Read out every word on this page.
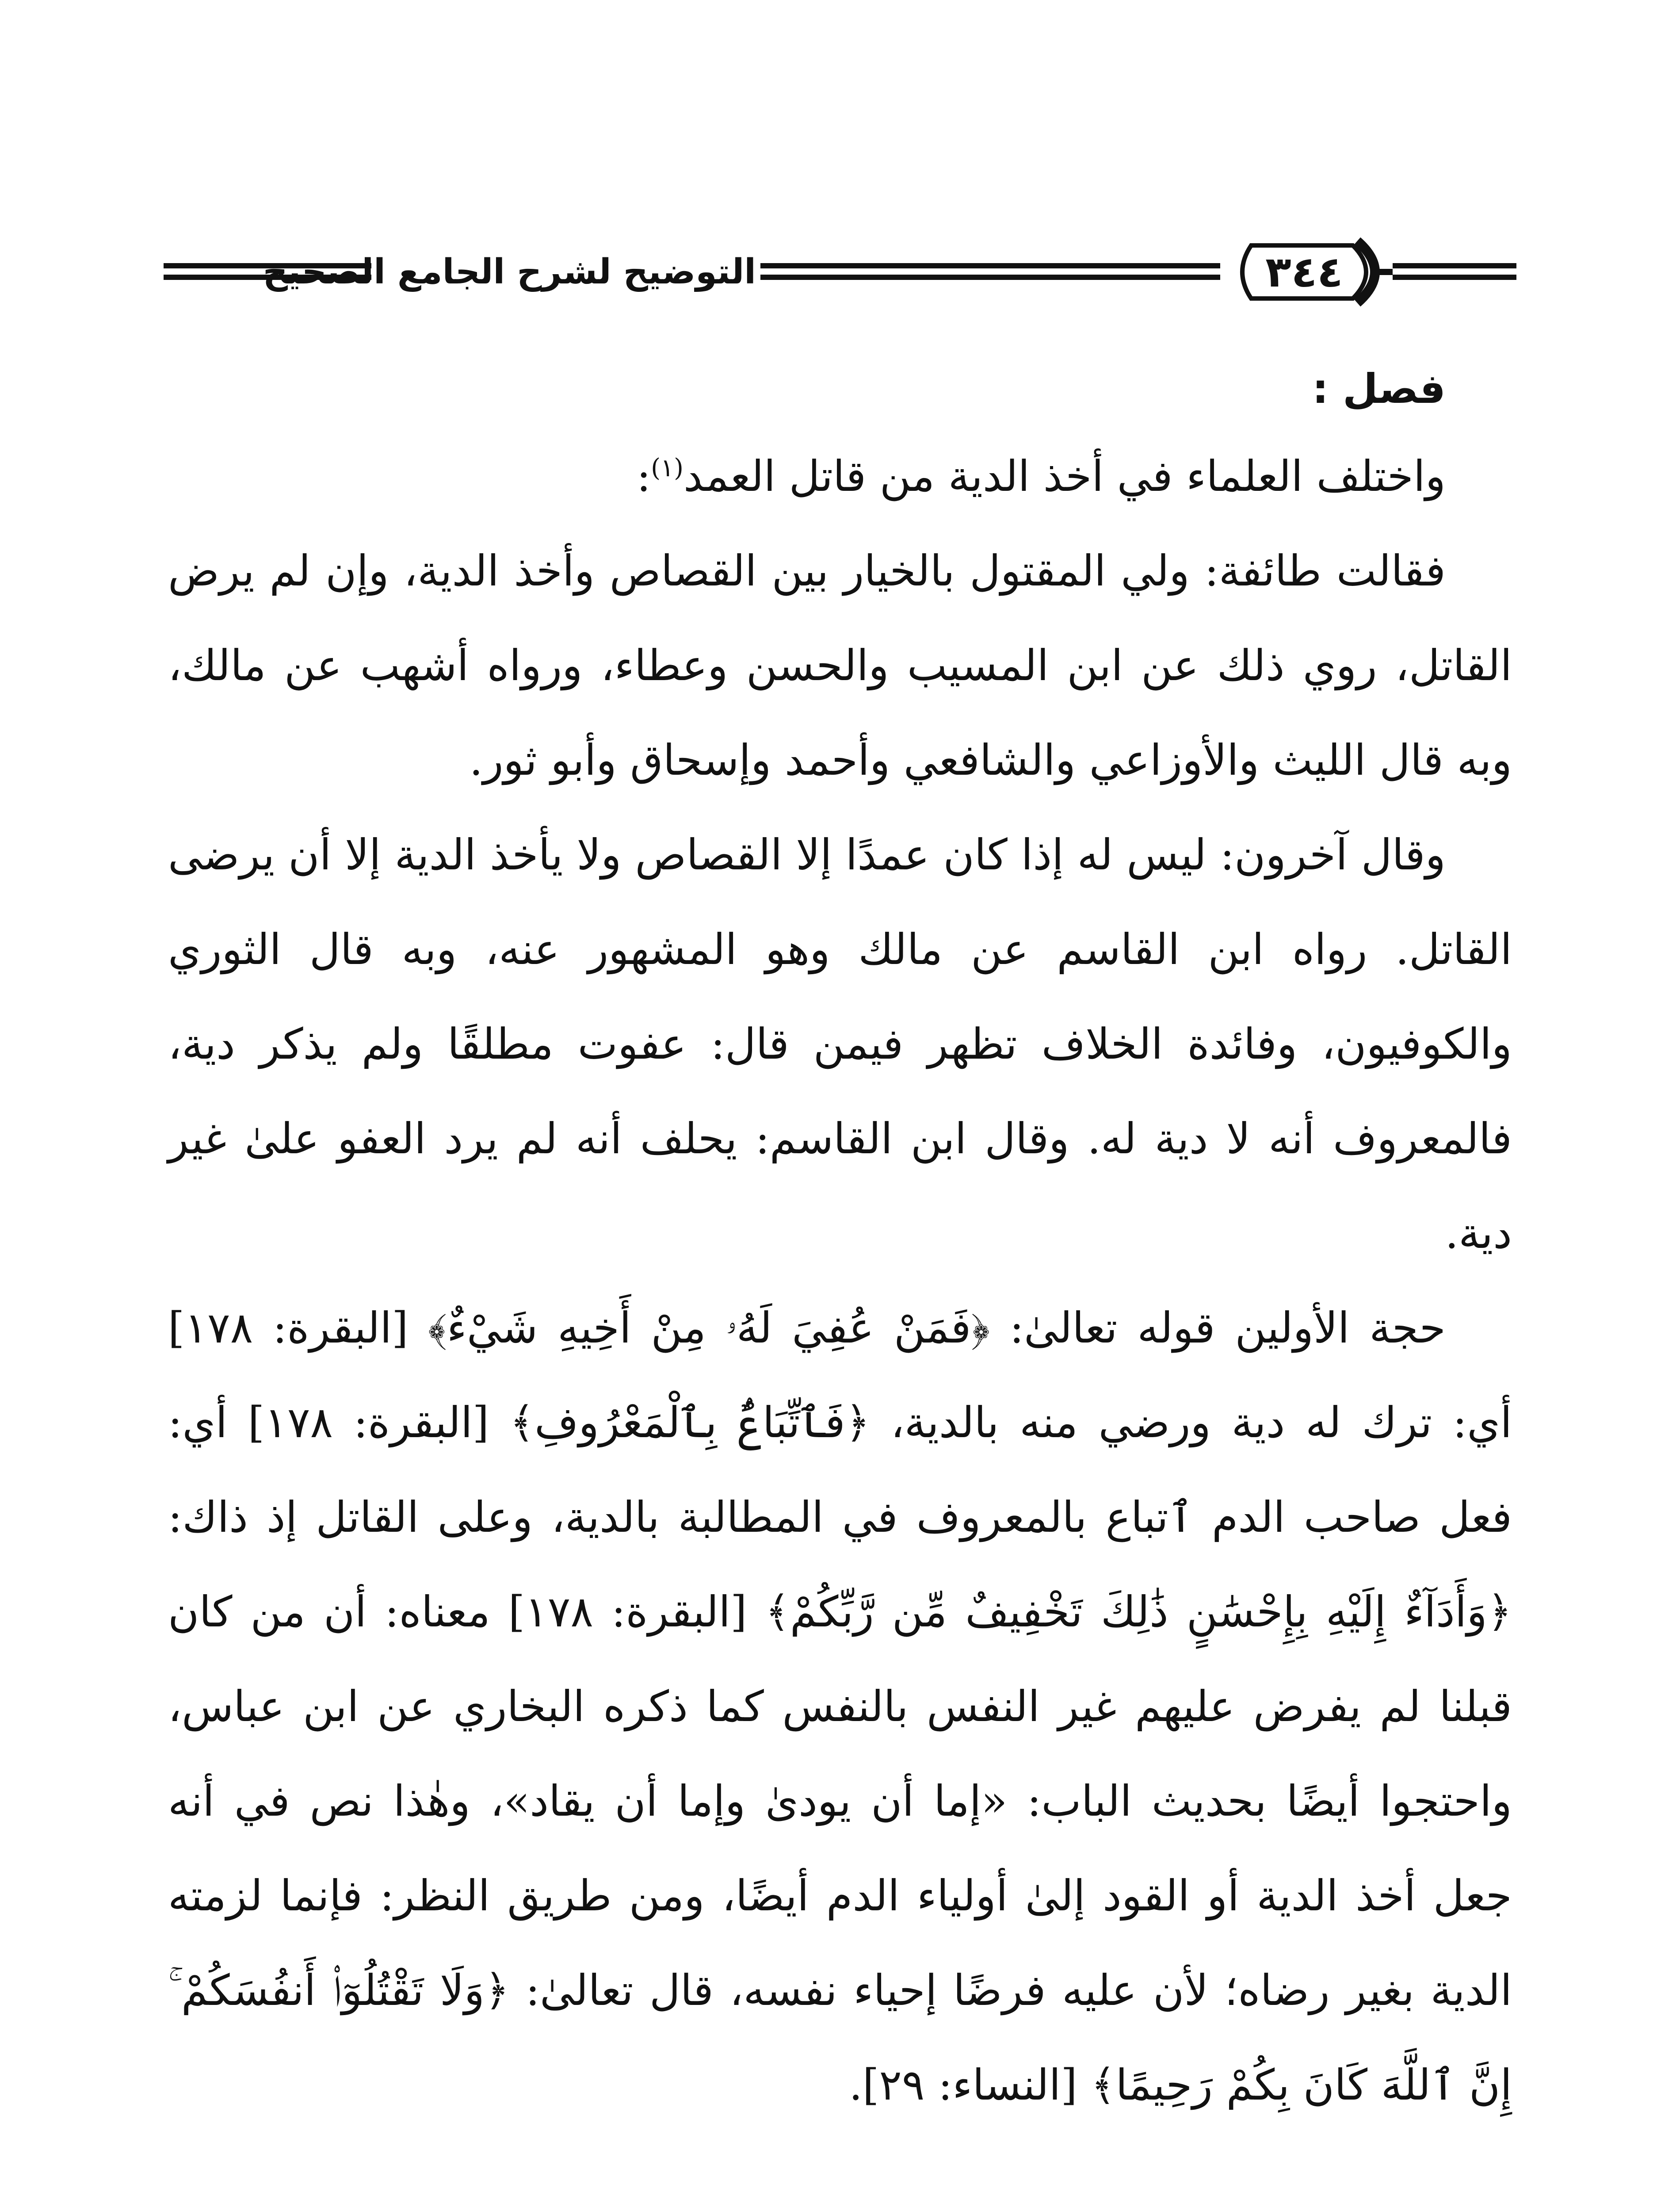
التوضيح لشرح الجامع الصحيح	٣٤٤

فصل :

واختلف العلماء في أخذ الدية من قاتل العمد$^{(١)}$:

فقالت طائفة: ولي المقتول بالخيار بين القصاص وأخذ الدية، وإن لم يرض القاتل، روي ذلك عن ابن المسيب والحسن وعطاء، ورواه أشهب عن مالك، وبه قال الليث والأوزاعي والشافعي وأحمد وإسحاق وأبو ثور.

وقال آخرون: ليس له إذا كان عمدًا إلا القصاص ولا يأخذ الدية إلا أن يرضى القاتل. رواه ابن القاسم عن مالك وهو المشهور عنه، وبه قال الثوري والكوفيون، وفائدة الخلاف تظهر فيمن قال: عفوت مطلقًا ولم يذكر دية، فالمعروف أنه لا دية له. وقال ابن القاسم: يحلف أنه لم يرد العفو علىٰ غير دية.

حجة الأولين قوله تعالىٰ: ﴿فَمَنْ عُفِيَ لَهُۥ مِنْ أَخِيهِ شَيْءٌ﴾ [البقرة: ١٧٨] أي: ترك له دية ورضي منه بالدية، ﴿فَٱتِّبَاعٌۢ بِٱلْمَعْرُوفِ﴾ [البقرة: ١٧٨] أي: فعل صاحب الدم ٱتباع بالمعروف في المطالبة بالدية، وعلى القاتل إذ ذاك: ﴿وَأَدَآءٌ إِلَيْهِ بِإِحْسَٰنٍ ذَٰلِكَ تَخْفِيفٌ مِّن رَّبِّكُمْ﴾ [البقرة: ١٧٨] معناه: أن من كان قبلنا لم يفرض عليهم غير النفس بالنفس كما ذكره البخاري عن ابن عباس، واحتجوا أيضًا بحديث الباب: «إما أن يودىٰ وإما أن يقاد»، وهٰذا نص في أنه جعل أخذ الدية أو القود إلىٰ أولياء الدم أيضًا، ومن طريق النظر: فإنما لزمته الدية بغير رضاه؛ لأن عليه فرضًا إحياء نفسه، قال تعالىٰ: ﴿وَلَا تَقْتُلُوٓا۟ أَنفُسَكُمْ ۚ إِنَّ ٱللَّهَ كَانَ بِكُمْ رَحِيمًا﴾ [النساء: ٢٩].
